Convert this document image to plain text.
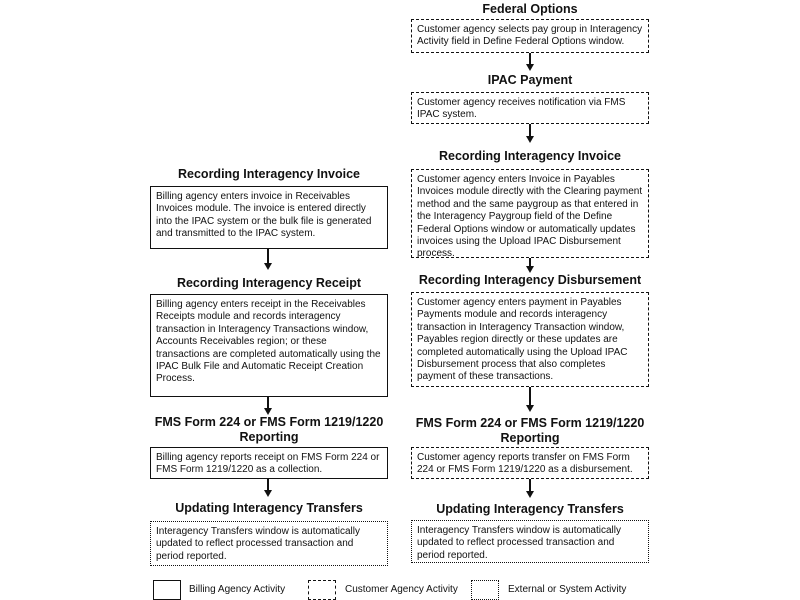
Federal Options
Customer agency selects pay group in Interagency Activity field in Define Federal Options window.
IPAC Payment
Customer agency receives notification via FMS IPAC system.
Recording Interagency Invoice
Customer agency enters Invoice in Payables Invoices module directly with the Clearing payment method and the same paygroup as that entered in the Interagency Paygroup field of the Define Federal Options window or automatically updates invoices using the Upload IPAC Disbursement process.
Recording Interagency Disbursement
Customer agency enters payment in Payables Payments module and records interagency transaction in Interagency Transaction window, Payables region directly or these updates are completed automatically using the Upload IPAC Disbursement process that also completes payment of these transactions.
FMS Form 224 or FMS Form 1219/1220
Reporting
Customer agency reports transfer on FMS Form 224 or FMS Form 1219/1220 as a disbursement.
Updating Interagency Transfers
Interagency Transfers window is automatically updated to reflect processed transaction and period reported.
Recording Interagency Invoice
Billing agency enters invoice in Receivables Invoices module. The invoice is entered directly into the IPAC system or the bulk file is generated and transmitted to the IPAC system.
Recording Interagency Receipt
Billing agency enters receipt in the Receivables Receipts module and records interagency transaction in Interagency Transactions window, Accounts Receivables region; or these transactions are completed automatically using the IPAC Bulk File and Automatic Receipt Creation Process.
FMS Form 224 or FMS Form 1219/1220
Reporting
Billing agency reports receipt on FMS Form 224 or FMS Form 1219/1220 as a collection.
Updating Interagency Transfers
Interagency Transfers window is automatically updated to reflect processed transaction and period reported.
Billing Agency Activity	Customer Agency Activity	External or System Activity
